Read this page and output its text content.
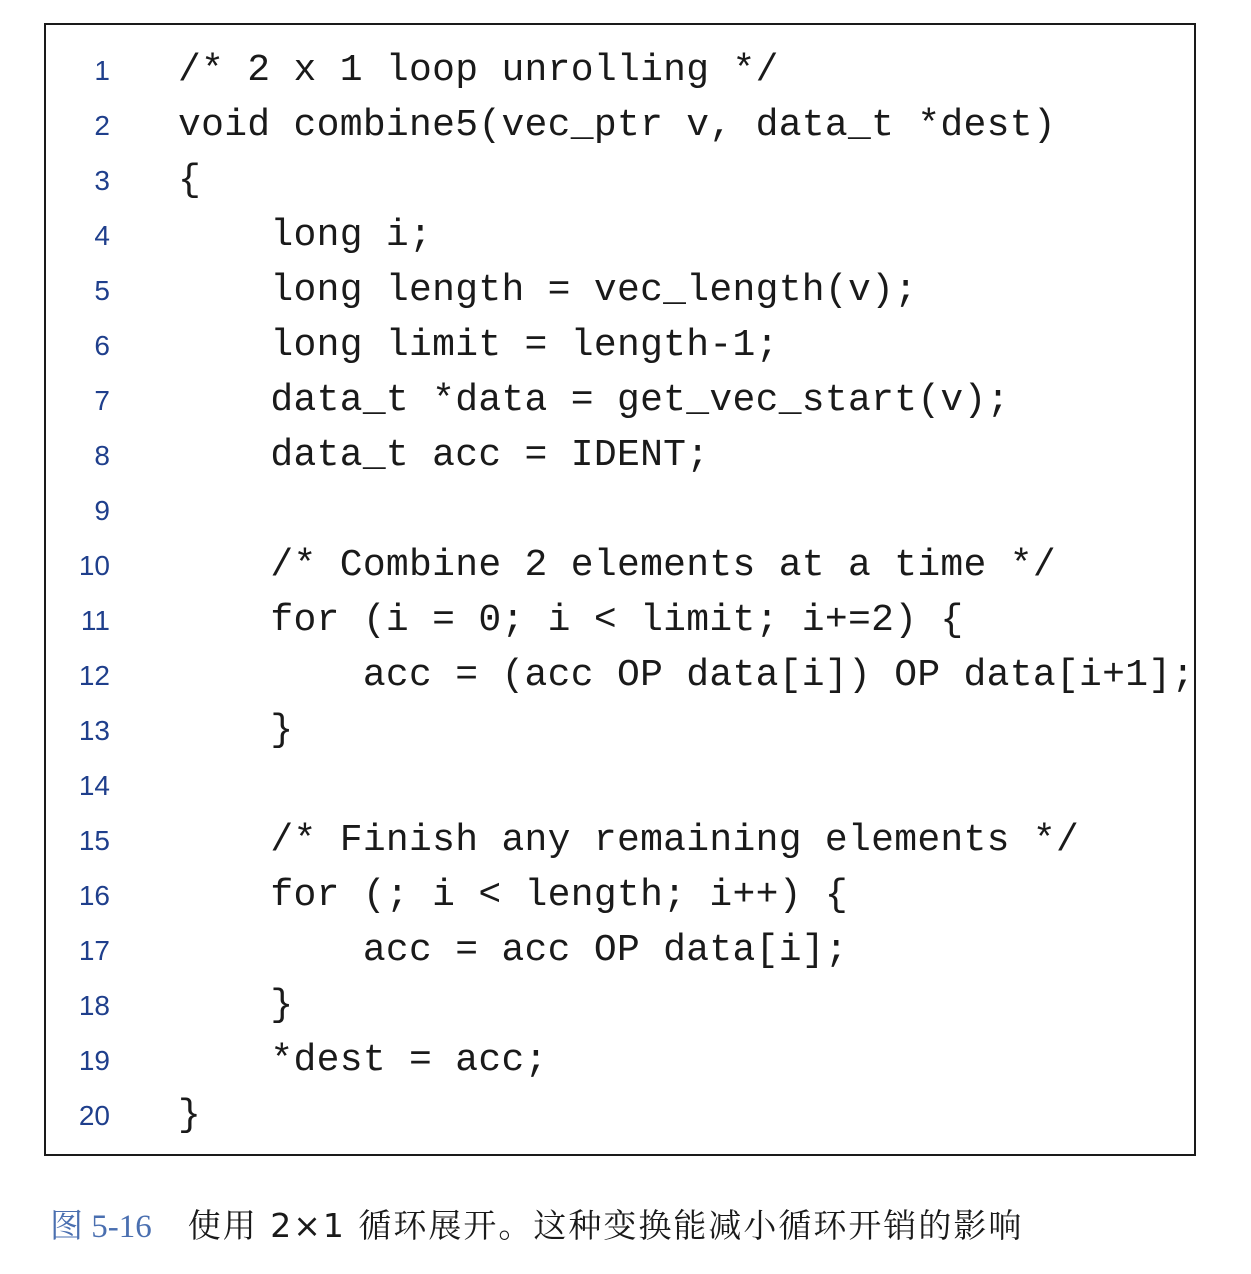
1 /* 2 x 1 loop unrolling */
2 void combine5(vec_ptr v, data_t *dest)
3 {
4 long i;
5 long length = vec_length(v);
6 long limit = length-1;
7 data_t *data = get_vec_start(v);
8 data_t acc = IDENT;
9
10 /* Combine 2 elements at a time */
11 for (i = 0; i < limit; i+=2) {
12 acc = (acc OP data[i]) OP data[i+1];
13 }
14
15 /* Finish any remaining elements */
16 for (; i < length; i++) {
17 acc = acc OP data[i];
18 }
19 *dest = acc;
20 }
图 5-16 使用 2×1 循环展开。这种变换能减小循环开销的影响
